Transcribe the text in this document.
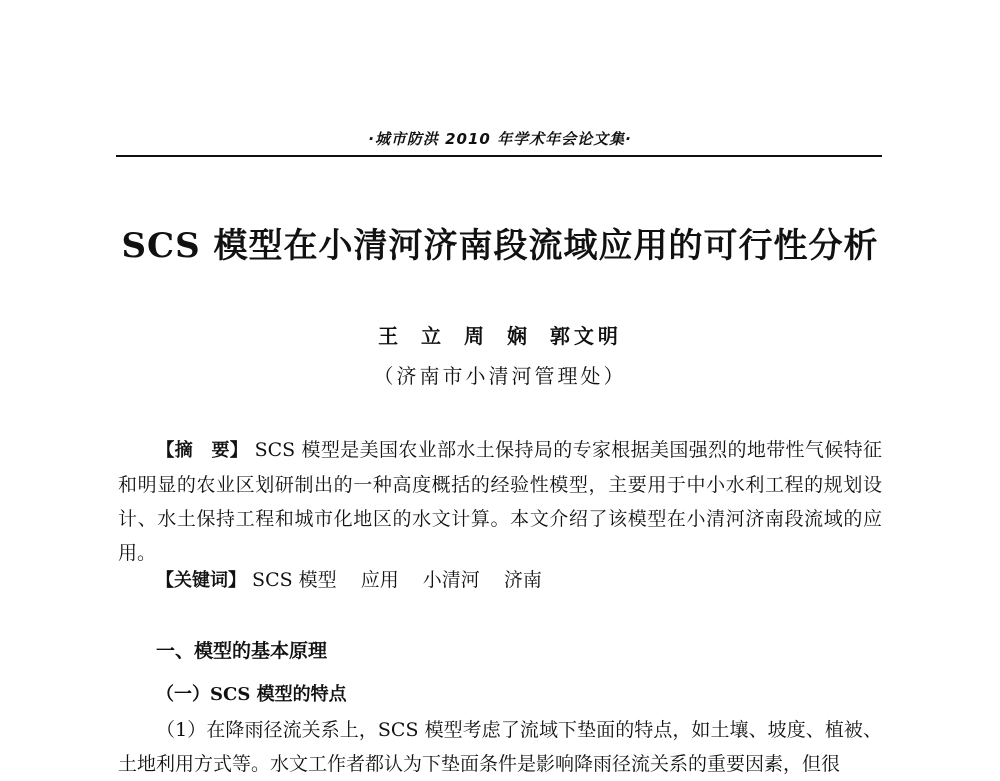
·城市防洪 2010 年学术年会论文集·
SCS 模型在小清河济南段流域应用的可行性分析
王 立 周 娴 郭文明
（济南市小清河管理处）
【摘　要】 SCS 模型是美国农业部水土保持局的专家根据美国强烈的地带性气候特征和明显的农业区划研制出的一种高度概括的经验性模型，主要用于中小水利工程的规划设计、水土保持工程和城市化地区的水文计算。本文介绍了该模型在小清河济南段流域的应用。
【关键词】 SCS 模型 应用 小清河 济南
一、模型的基本原理
（一）SCS 模型的特点
（1）在降雨径流关系上，SCS 模型考虑了流域下垫面的特点，如土壤、坡度、植被、土地利用方式等。水文工作者都认为下垫面条件是影响降雨径流关系的重要因素，但很
